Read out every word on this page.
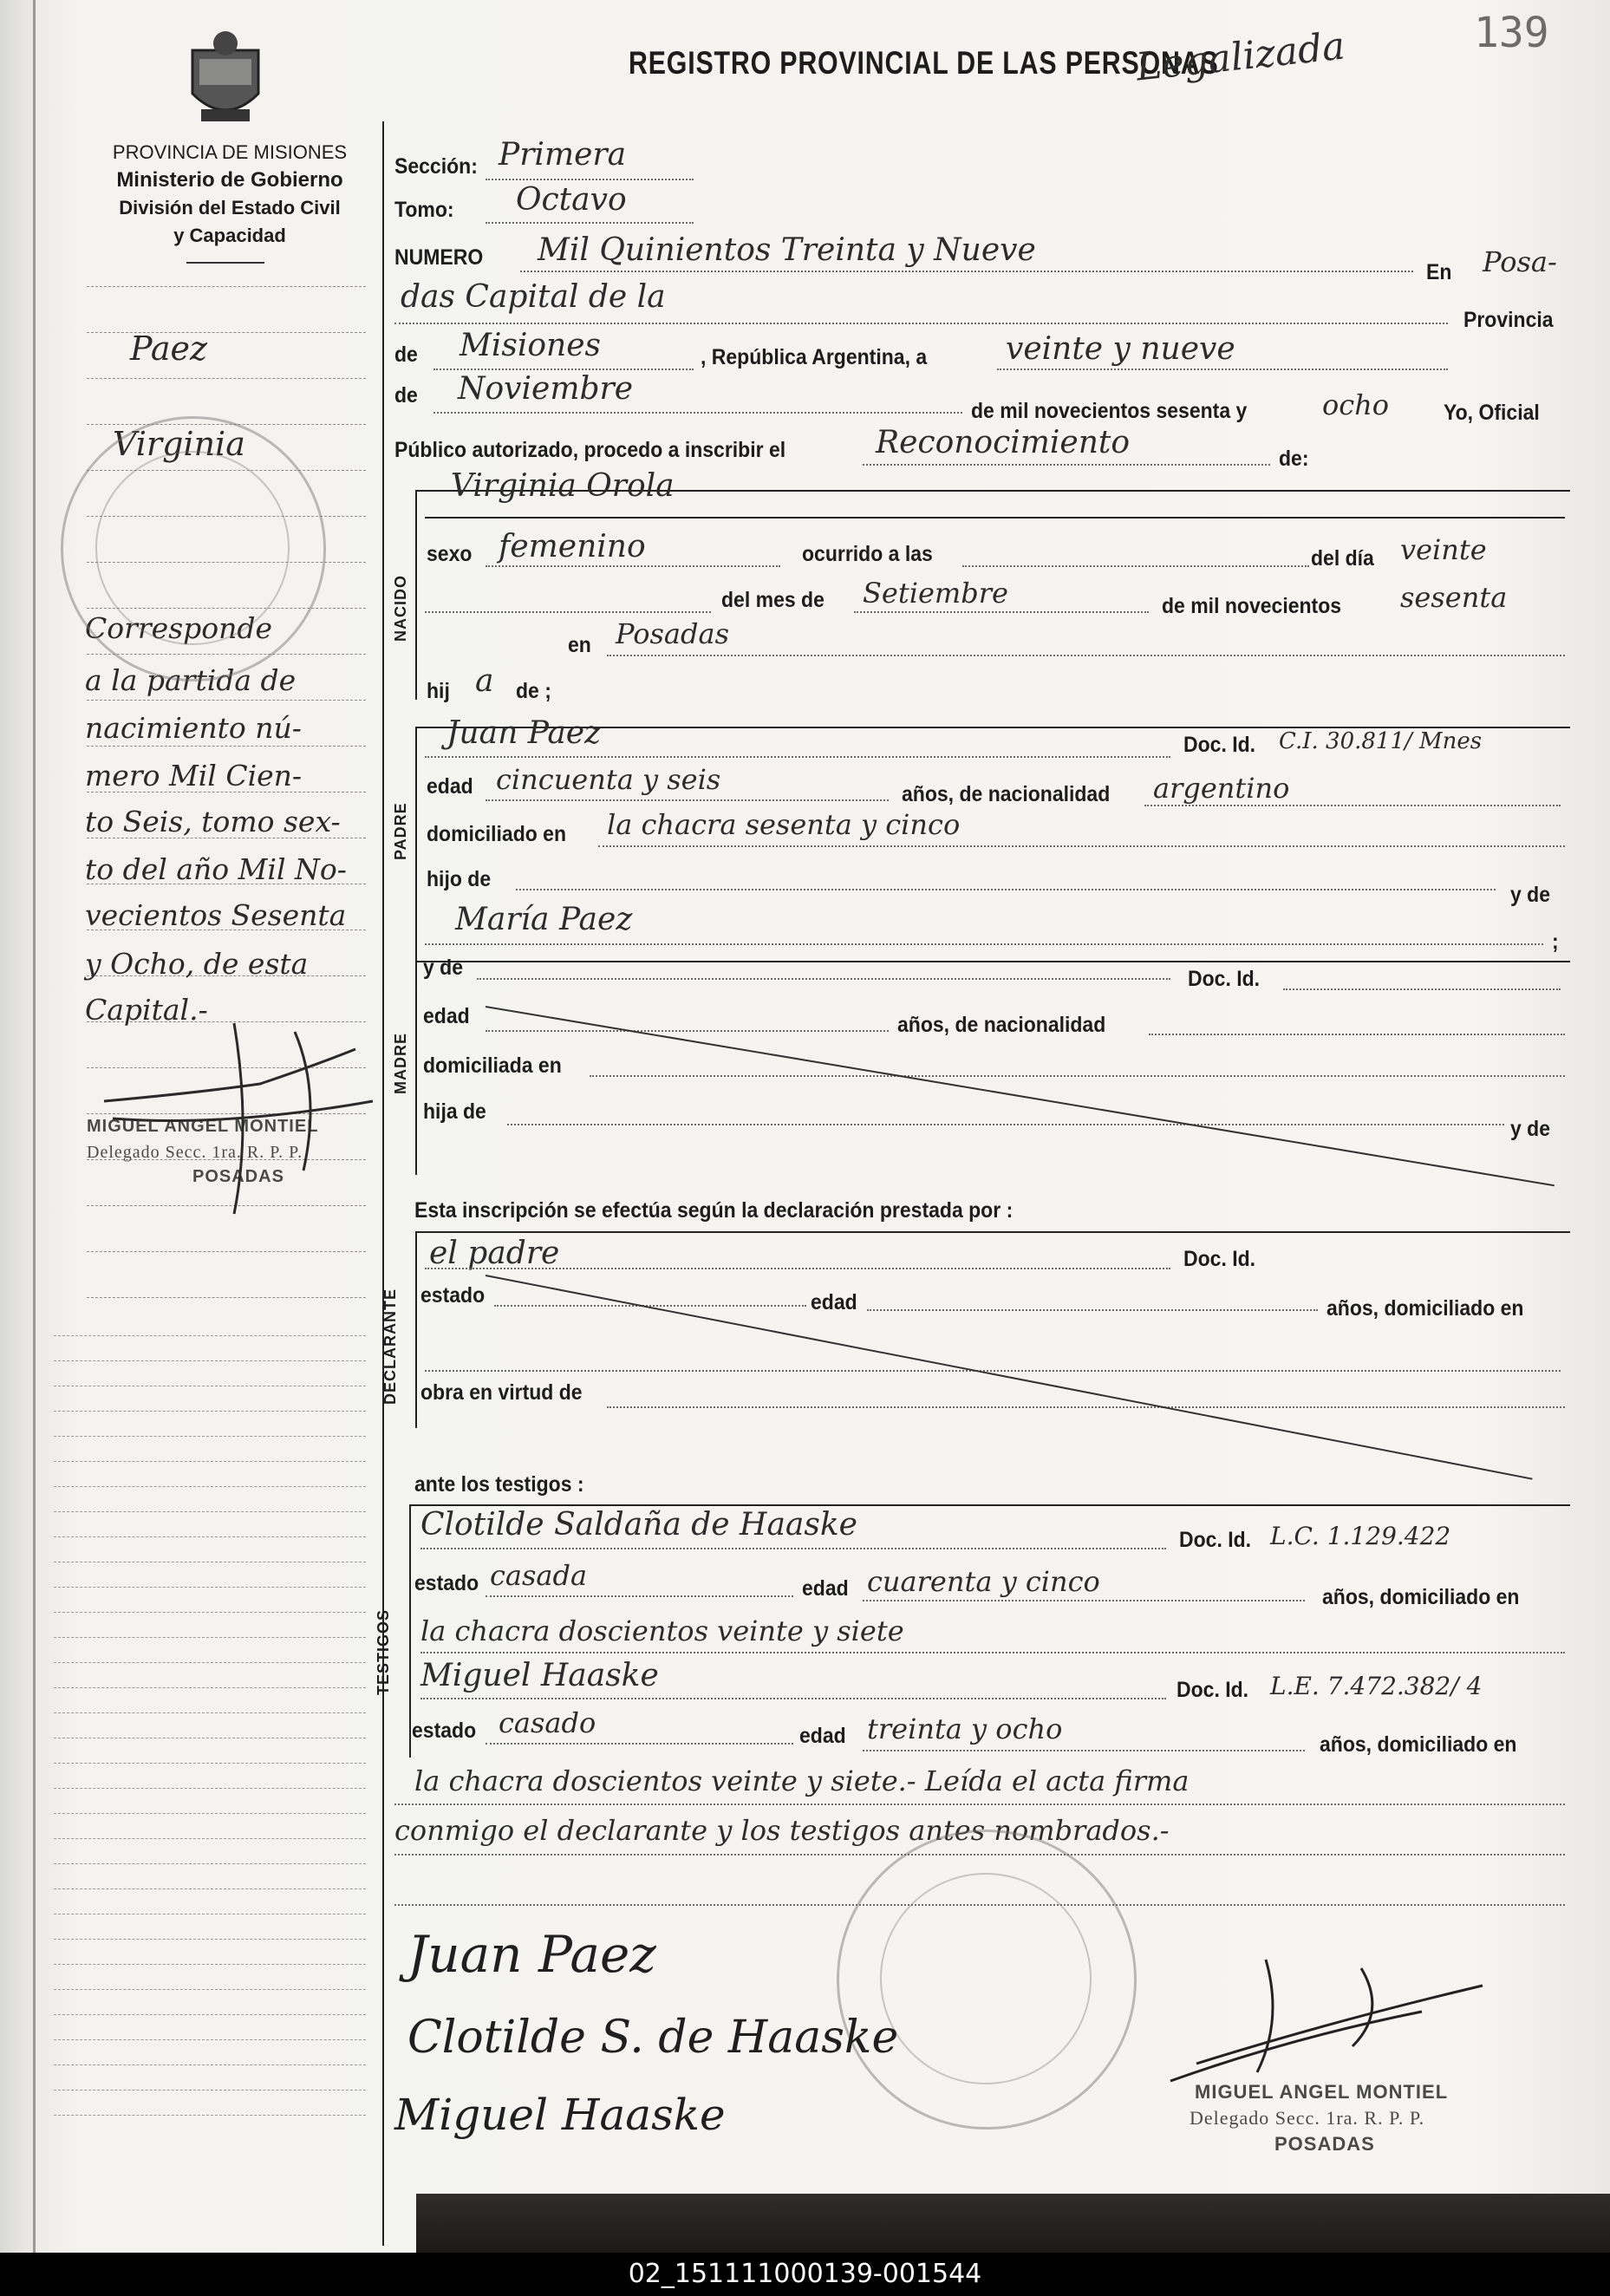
PROVINCIA DE MISIONES
Ministerio de Gobierno
División del Estado Civil
y Capacidad
REGISTRO PROVINCIAL DE LAS PERSONAS
139
Legalizada
Paez
Virginia
Corresponde
a la partida de
nacimiento nú-
mero Mil Cien-
to Seis, tomo sex-
to del año Mil No-
vecientos Sesenta
y Ocho, de esta
Capital.-
MIGUEL ANGEL MONTIEL
Delegado Secc. 1ra. R. P. P.
POSADAS
Sección: Primera
Tomo: Octavo
NUMERO Mil Quinientos Treinta y Nueve
En Posa-
das Capital de la
Provincia
de Misiones	, República Argentina, a	veinte y nueve
de Noviembre
de mil novecientos sesenta y	ocho	Yo, Oficial
Público autorizado, procedo a inscribir el	Reconocimiento	de:
NACIDO
Virginia Orola
sexo femenino	ocurrido a las	del día veinte
del mes de Setiembre	de mil novecientos sesenta
en Posadas
hij a de ;
PADRE
Juan Paez	Doc. Id. C.I. 30.811/ Mnes
edad cincuenta y seis	años, de nacionalidad argentino
domiciliado en la chacra sesenta y cinco
hijo de
y de
María Paez
;
MADRE
y de	Doc. Id.
edad	años, de nacionalidad
domiciliada en
hija de
y de
Esta inscripción se efectúa según la declaración prestada por :
DECLARANTE
el padre	Doc. Id.
estado	edad	años, domiciliado en
obra en virtud de
ante los testigos :
TESTIGOS
Clotilde Saldaña de Haaske	Doc. Id. L.C. 1.129.422
estado casada	edad cuarenta y cinco	años, domiciliado en
la chacra doscientos veinte y siete
Miguel Haaske	Doc. Id. L.E. 7.472.382/ 4
estado casado	edad treinta y ocho	años, domiciliado en
la chacra doscientos veinte y siete.- Leída el acta firma
conmigo el declarante y los testigos antes nombrados.-
Juan Paez
Clotilde S. de Haaske
Miguel Haaske	MIGUEL ANGEL MONTIEL
Delegado Secc. 1ra. R. P. P.
POSADAS
02_151111000139-001544
